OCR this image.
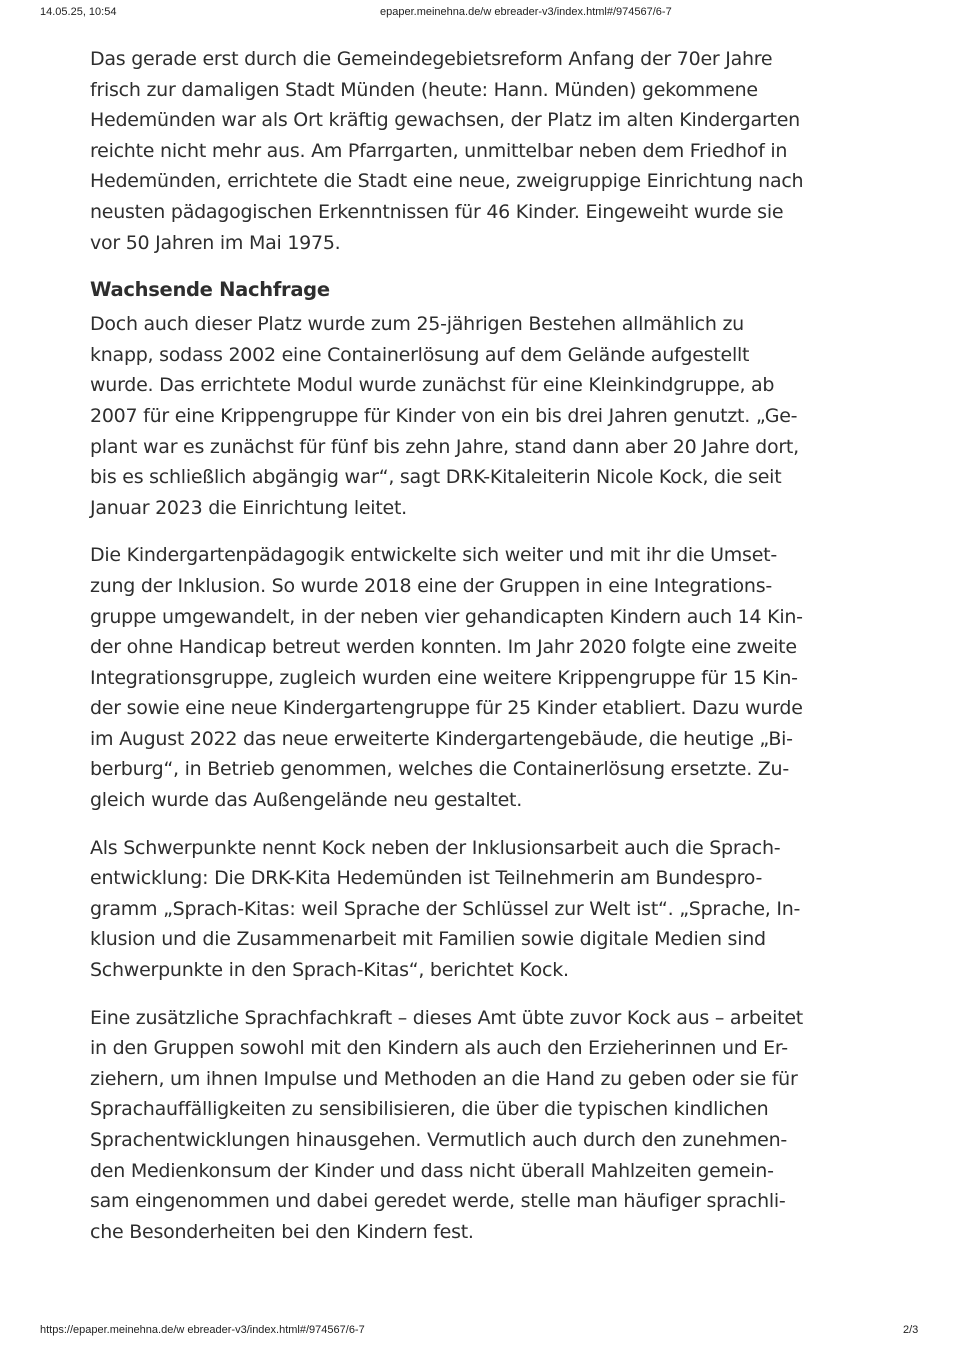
14.05.25, 10:54	epaper.meinehna.de/w ebreader-v3/index.html#/974567/6-7

Das gerade erst durch die Gemeindegebietsreform Anfang der 70er Jahre
frisch zur damaligen Stadt Münden (heute: Hann. Münden) gekommene
Hedemünden war als Ort kräftig gewachsen, der Platz im alten Kindergarten
reichte nicht mehr aus. Am Pfarrgarten, unmittelbar neben dem Friedhof in
Hedemünden, errichtete die Stadt eine neue, zweigruppige Einrichtung nach
neusten pädagogischen Erkenntnissen für 46 Kinder. Eingeweiht wurde sie
vor 50 Jahren im Mai 1975.

Wachsende Nachfrage

Doch auch dieser Platz wurde zum 25-jährigen Bestehen allmählich zu
knapp, sodass 2002 eine Containerlösung auf dem Gelände aufgestellt
wurde. Das errichtete Modul wurde zunächst für eine Kleinkindgruppe, ab
2007 für eine Krippengruppe für Kinder von ein bis drei Jahren genutzt. „Ge-
plant war es zunächst für fünf bis zehn Jahre, stand dann aber 20 Jahre dort,
bis es schließlich abgängig war“, sagt DRK-Kitaleiterin Nicole Kock, die seit
Januar 2023 die Einrichtung leitet.

Die Kindergartenpädagogik entwickelte sich weiter und mit ihr die Umset-
zung der Inklusion. So wurde 2018 eine der Gruppen in eine Integrations-
gruppe umgewandelt, in der neben vier gehandicapten Kindern auch 14 Kin-
der ohne Handicap betreut werden konnten. Im Jahr 2020 folgte eine zweite
Integrationsgruppe, zugleich wurden eine weitere Krippengruppe für 15 Kin-
der sowie eine neue Kindergartengruppe für 25 Kinder etabliert. Dazu wurde
im August 2022 das neue erweiterte Kindergartengebäude, die heutige „Bi-
berburg“, in Betrieb genommen, welches die Containerlösung ersetzte. Zu-
gleich wurde das Außengelände neu gestaltet.

Als Schwerpunkte nennt Kock neben der Inklusionsarbeit auch die Sprach-
entwicklung: Die DRK-Kita Hedemünden ist Teilnehmerin am Bundespro-
gramm „Sprach-Kitas: weil Sprache der Schlüssel zur Welt ist“. „Sprache, In-
klusion und die Zusammenarbeit mit Familien sowie digitale Medien sind
Schwerpunkte in den Sprach-Kitas“, berichtet Kock.

Eine zusätzliche Sprachfachkraft – dieses Amt übte zuvor Kock aus – arbeitet
in den Gruppen sowohl mit den Kindern als auch den Erzieherinnen und Er-
ziehern, um ihnen Impulse und Methoden an die Hand zu geben oder sie für
Sprachauffälligkeiten zu sensibilisieren, die über die typischen kindlichen
Sprachentwicklungen hinausgehen. Vermutlich auch durch den zunehmen-
den Medienkonsum der Kinder und dass nicht überall Mahlzeiten gemein-
sam eingenommen und dabei geredet werde, stelle man häufiger sprachli-
che Besonderheiten bei den Kindern fest.

https://epaper.meinehna.de/w ebreader-v3/index.html#/974567/6-7	2/3
